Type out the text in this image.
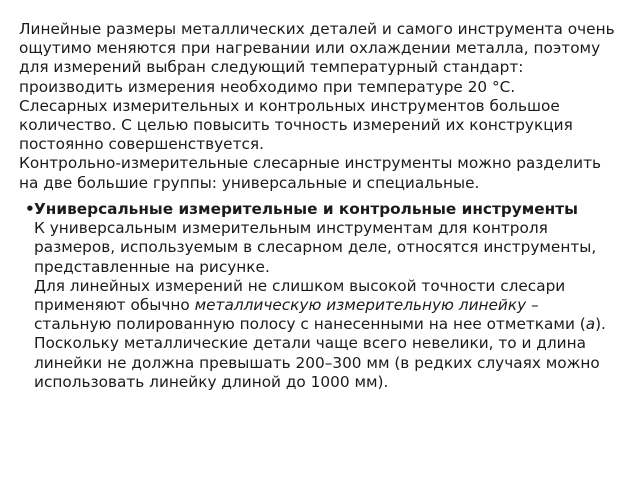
Линейные размеры металлических деталей и самого инструмента очень ощутимо меняются при нагревании или охлаждении металла, поэтому для измерений выбран следующий температурный стандарт: производить измерения необходимо при температуре 20 °С.

Слесарных измерительных и контрольных инструментов большое количество. С целью повысить точность измерений их конструкция постоянно совершенствуется.

Контрольно-измерительные слесарные инструменты можно разделить на две большие группы: универсальные и специальные.

• Универсальные измерительные и контрольные инструменты

К универсальным измерительным инструментам для контроля размеров, используемым в слесарном деле, относятся инструменты, представленные на рисунке.

Для линейных измерений не слишком высокой точности слесари применяют обычно металлическую измерительную линейку – стальную полированную полосу с нанесенными на нее отметками (а). Поскольку металлические детали чаще всего невелики, то и длина линейки не должна превышать 200–300 мм (в редких случаях можно использовать линейку длиной до 1000 мм).
